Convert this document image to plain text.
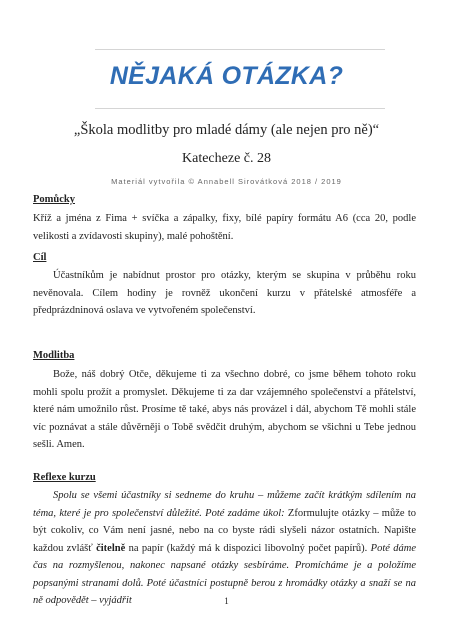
NĚJAKÁ OTÁZKA?
„Škola modlitby pro mladé dámy (ale nejen pro ně)“
Katecheze č. 28
Materiál vytvořila © Annabell Sirovátková 2018 / 2019
Pomůcky

Kříž a jména z Fima + svíčka a zápalky, fixy, bílé papíry formátu A6 (cca 20, podle velikosti a zvídavosti skupiny), malé pohoštění.

Cíl

Účastníkům je nabídnut prostor pro otázky, kterým se skupina v průběhu roku nevěnovala. Cílem hodiny je rovněž ukončení kurzu v přátelské atmosféře a předprázdninová oslava ve vytvořeném společenství.

Modlitba

Bože, náš dobrý Otče, děkujeme ti za všechno dobré, co jsme během tohoto roku mohli spolu prožít a promyslet. Děkujeme ti za dar vzájemného společenství a přátelství, které nám umožnilo růst. Prosíme tě také, abys nás provázel i dál, abychom Tě mohli stále víc poznávat a stále důvěrněji o Tobě svědčit druhým, abychom se všichni u Tebe jednou sešli. Amen.

Reflexe kurzu

Spolu se všemi účastníky si sedneme do kruhu – můžeme začít krátkým sdílením na téma, které je pro společenství důležité. Poté zadáme úkol: Zformulujte otázky – může to být cokoliv, co Vám není jasné, nebo na co byste rádi slyšeli názor ostatních. Napište každou zvlášť čitelně na papír (každý má k dispozici libovolný počet papírů). Poté dáme čas na rozmyšlenou, nakonec napsané otázky sesbíráme. Promícháme je a položíme popsanými stranami dolů. Poté účastníci postupně berou z hromádky otázky a snaží se na ně odpovědět – vyjádřit	1
